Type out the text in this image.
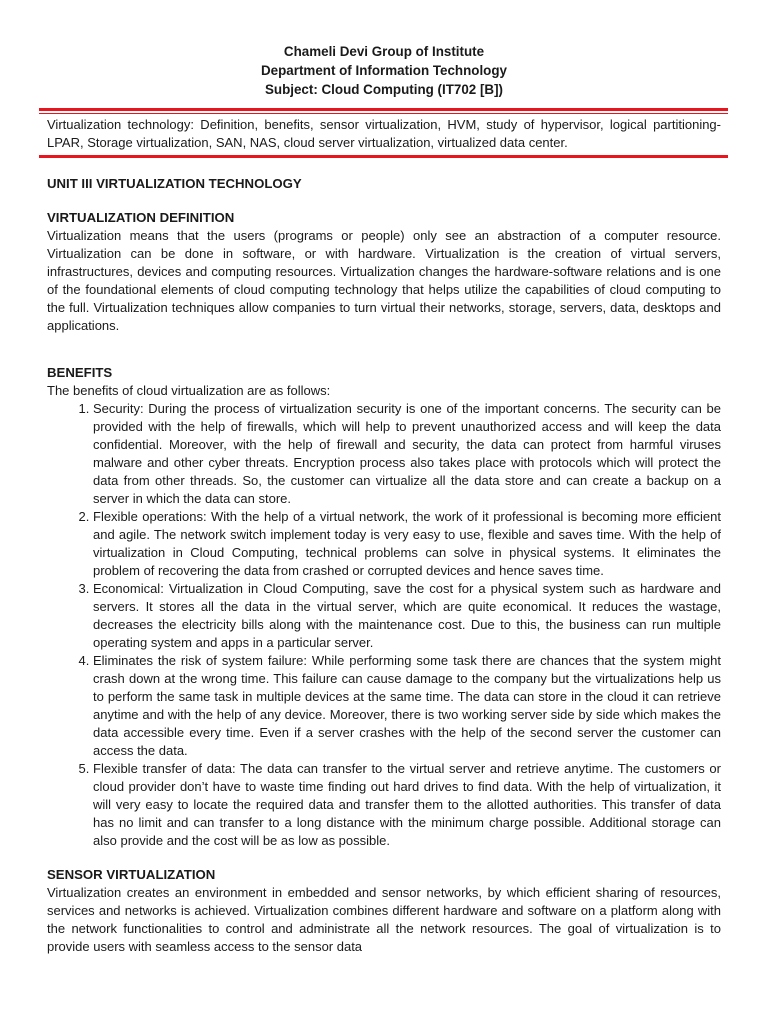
Chameli Devi Group of Institute
Department of Information Technology
Subject: Cloud Computing (IT702 [B])

Virtualization technology: Definition, benefits, sensor virtualization, HVM, study of hypervisor, logical partitioning- LPAR, Storage virtualization, SAN, NAS, cloud server virtualization, virtualized data center.

UNIT III VIRTUALIZATION TECHNOLOGY
VIRTUALIZATION DEFINITION

Virtualization means that the users (programs or people) only see an abstraction of a computer resource. Virtualization can be done in software, or with hardware. Virtualization is the creation of virtual servers, infrastructures, devices and computing resources. Virtualization changes the hardware-software relations and is one of the foundational elements of cloud computing technology that helps utilize the capabilities of cloud computing to the full. Virtualization techniques allow companies to turn virtual their networks, storage, servers, data, desktops and applications.

BENEFITS

The benefits of cloud virtualization are as follows:

1. Security: During the process of virtualization security is one of the important concerns. The security can be provided with the help of firewalls, which will help to prevent unauthorized access and will keep the data confidential. Moreover, with the help of firewall and security, the data can protect from harmful viruses malware and other cyber threats. Encryption process also takes place with protocols which will protect the data from other threads. So, the customer can virtualize all the data store and can create a backup on a server in which the data can store.
2. Flexible operations: With the help of a virtual network, the work of it professional is becoming more efficient and agile. The network switch implement today is very easy to use, flexible and saves time. With the help of virtualization in Cloud Computing, technical problems can solve in physical systems. It eliminates the problem of recovering the data from crashed or corrupted devices and hence saves time.
3. Economical: Virtualization in Cloud Computing, save the cost for a physical system such as hardware and servers. It stores all the data in the virtual server, which are quite economical. It reduces the wastage, decreases the electricity bills along with the maintenance cost. Due to this, the business can run multiple operating system and apps in a particular server.
4. Eliminates the risk of system failure: While performing some task there are chances that the system might crash down at the wrong time. This failure can cause damage to the company but the virtualizations help us to perform the same task in multiple devices at the same time. The data can store in the cloud it can retrieve anytime and with the help of any device. Moreover, there is two working server side by side which makes the data accessible every time. Even if a server crashes with the help of the second server the customer can access the data.
5. Flexible transfer of data: The data can transfer to the virtual server and retrieve anytime. The customers or cloud provider don’t have to waste time finding out hard drives to find data. With the help of virtualization, it will very easy to locate the required data and transfer them to the allotted authorities. This transfer of data has no limit and can transfer to a long distance with the minimum charge possible. Additional storage can also provide and the cost will be as low as possible.
SENSOR VIRTUALIZATION

Virtualization creates an environment in embedded and sensor networks, by which efficient sharing of resources, services and networks is achieved. Virtualization combines different hardware and software on a platform along with the network functionalities to control and administrate all the network resources. The goal of virtualization is to provide users with seamless access to the sensor data
